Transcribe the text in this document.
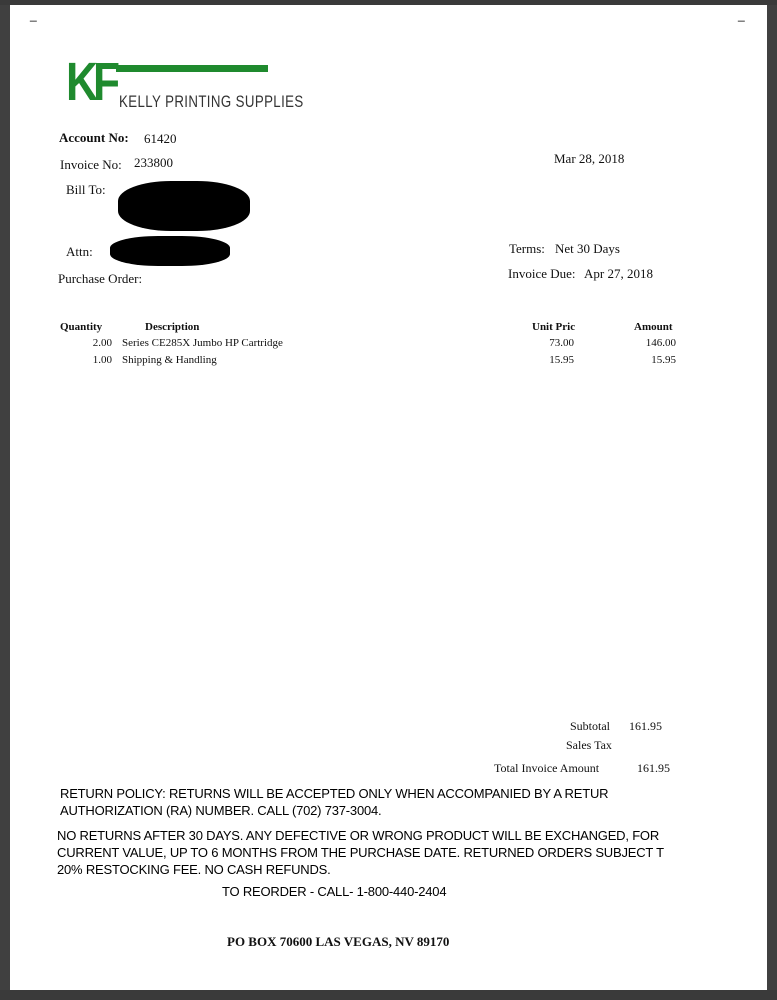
_	_
KF KELLY PRINTING SUPPLIES
Account No: 61420
Invoice No: 233800	Mar 28, 2018
Bill To:
Attn:
Purchase Order:
Terms: Net 30 Days
Invoice Due: Apr 27, 2018
Quantity	Description	Unit Pric	Amount
2.00 Series CE285X Jumbo HP Cartridge	73.00	146.00
1.00 Shipping & Handling	15.95	15.95
Subtotal 161.95
Sales Tax
Total Invoice Amount	161.95
RETURN POLICY: RETURNS WILL BE ACCEPTED ONLY WHEN ACCOMPANIED BY A RETUR
AUTHORIZATION (RA) NUMBER. CALL (702) 737-3004.
NO RETURNS AFTER 30 DAYS. ANY DEFECTIVE OR WRONG PRODUCT WILL BE EXCHANGED, FOR
CURRENT VALUE, UP TO 6 MONTHS FROM THE PURCHASE DATE. RETURNED ORDERS SUBJECT T
20% RESTOCKING FEE. NO CASH REFUNDS.
TO REORDER - CALL- 1-800-440-2404
PO BOX 70600 LAS VEGAS, NV 89170
